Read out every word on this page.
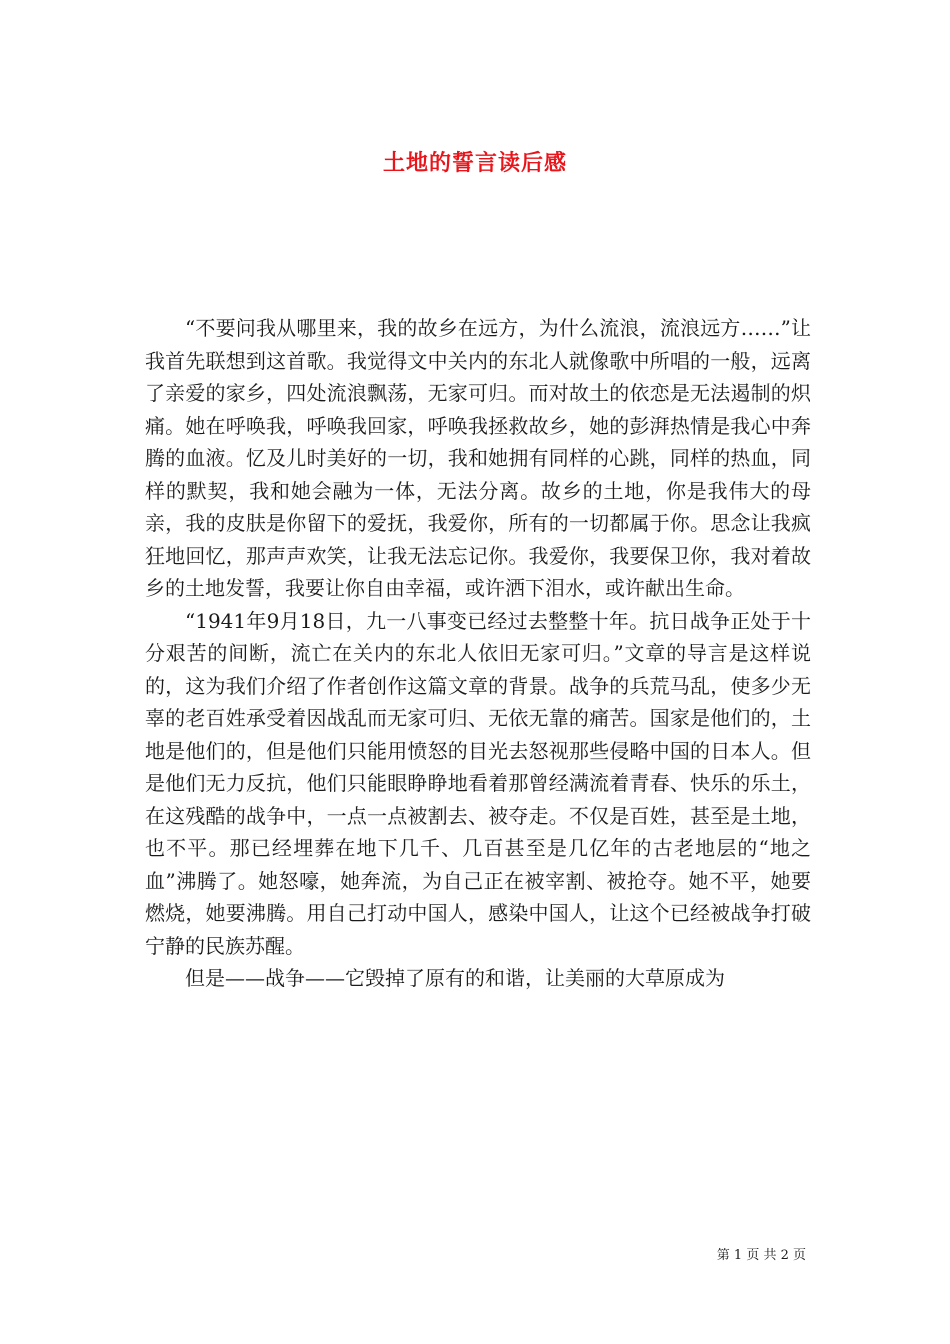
土地的誓言读后感

“不要问我从哪里来，我的故乡在远方，为什么流浪，流浪远方……”让我首先联想到这首歌。我觉得文中关内的东北人就像歌中所唱的一般，远离了亲爱的家乡，四处流浪飘荡，无家可归。而对故土的依恋是无法遏制的炽痛。她在呼唤我，呼唤我回家，呼唤我拯救故乡，她的彭湃热情是我心中奔腾的血液。忆及儿时美好的一切，我和她拥有同样的心跳，同样的热血，同样的默契，我和她会融为一体，无法分离。故乡的土地，你是我伟大的母亲，我的皮肤是你留下的爱抚，我爱你，所有的一切都属于你。思念让我疯狂地回忆，那声声欢笑，让我无法忘记你。我爱你，我要保卫你，我对着故乡的土地发誓，我要让你自由幸福，或许洒下泪水，或许献出生命。

“1941年9月18日，九一八事变已经过去整整十年。抗日战争正处于十分艰苦的间断，流亡在关内的东北人依旧无家可归。”文章的导言是这样说的，这为我们介绍了作者创作这篇文章的背景。战争的兵荒马乱，使多少无辜的老百姓承受着因战乱而无家可归、无依无靠的痛苦。国家是他们的，土地是他们的，但是他们只能用愤怒的目光去怒视那些侵略中国的日本人。但是他们无力反抗，他们只能眼睁睁地看着那曾经满流着青春、快乐的乐土，在这残酷的战争中，一点一点被割去、被夺走。不仅是百姓，甚至是土地，也不平。那已经埋葬在地下几千、几百甚至是几亿年的古老地层的“地之血”沸腾了。她怒嚎，她奔流，为自己正在被宰割、被抢夺。她不平，她要燃烧，她要沸腾。用自己打动中国人，感染中国人，让这个已经被战争打破宁静的民族苏醒。

但是——战争——它毁掉了原有的和谐，让美丽的大草原成为

第 1 页 共 2 页
